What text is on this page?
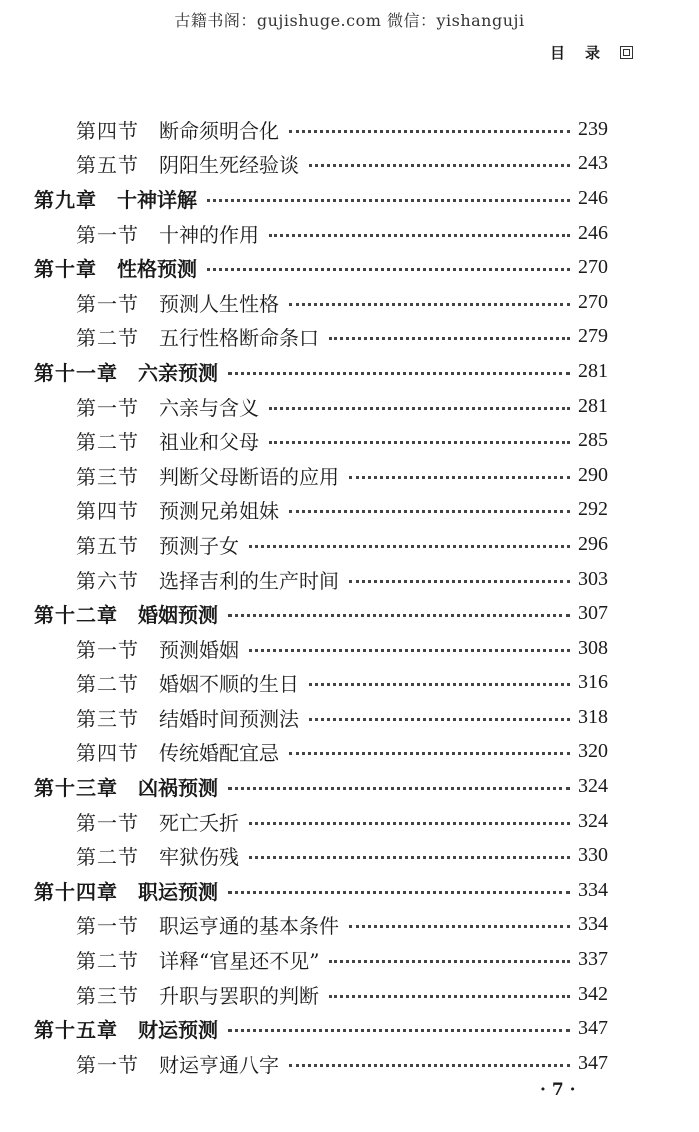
古籍书阁：gujishuge.com 微信：yishanguji
目 录
第四节 断命须明合化	239
第五节 阴阳生死经验谈	243
第九章 十神详解	246
第一节 十神的作用	246
第十章 性格预测	270
第一节 预测人生性格	270
第二节 五行性格断命条口	279
第十一章 六亲预测	281
第一节 六亲与含义	281
第二节 祖业和父母	285
第三节 判断父母断语的应用	290
第四节 预测兄弟姐妹	292
第五节 预测子女	296
第六节 选择吉利的生产时间	303
第十二章 婚姻预测	307
第一节 预测婚姻	308
第二节 婚姻不顺的生日	316
第三节 结婚时间预测法	318
第四节 传统婚配宜忌	320
第十三章 凶祸预测	324
第一节 死亡夭折	324
第二节 牢狱伤残	330
第十四章 职运预测	334
第一节 职运亨通的基本条件	334
第二节 详释“官星还不见”	337
第三节 升职与罢职的判断	342
第十五章 财运预测	347
第一节 财运亨通八字	347
· 7 ·
